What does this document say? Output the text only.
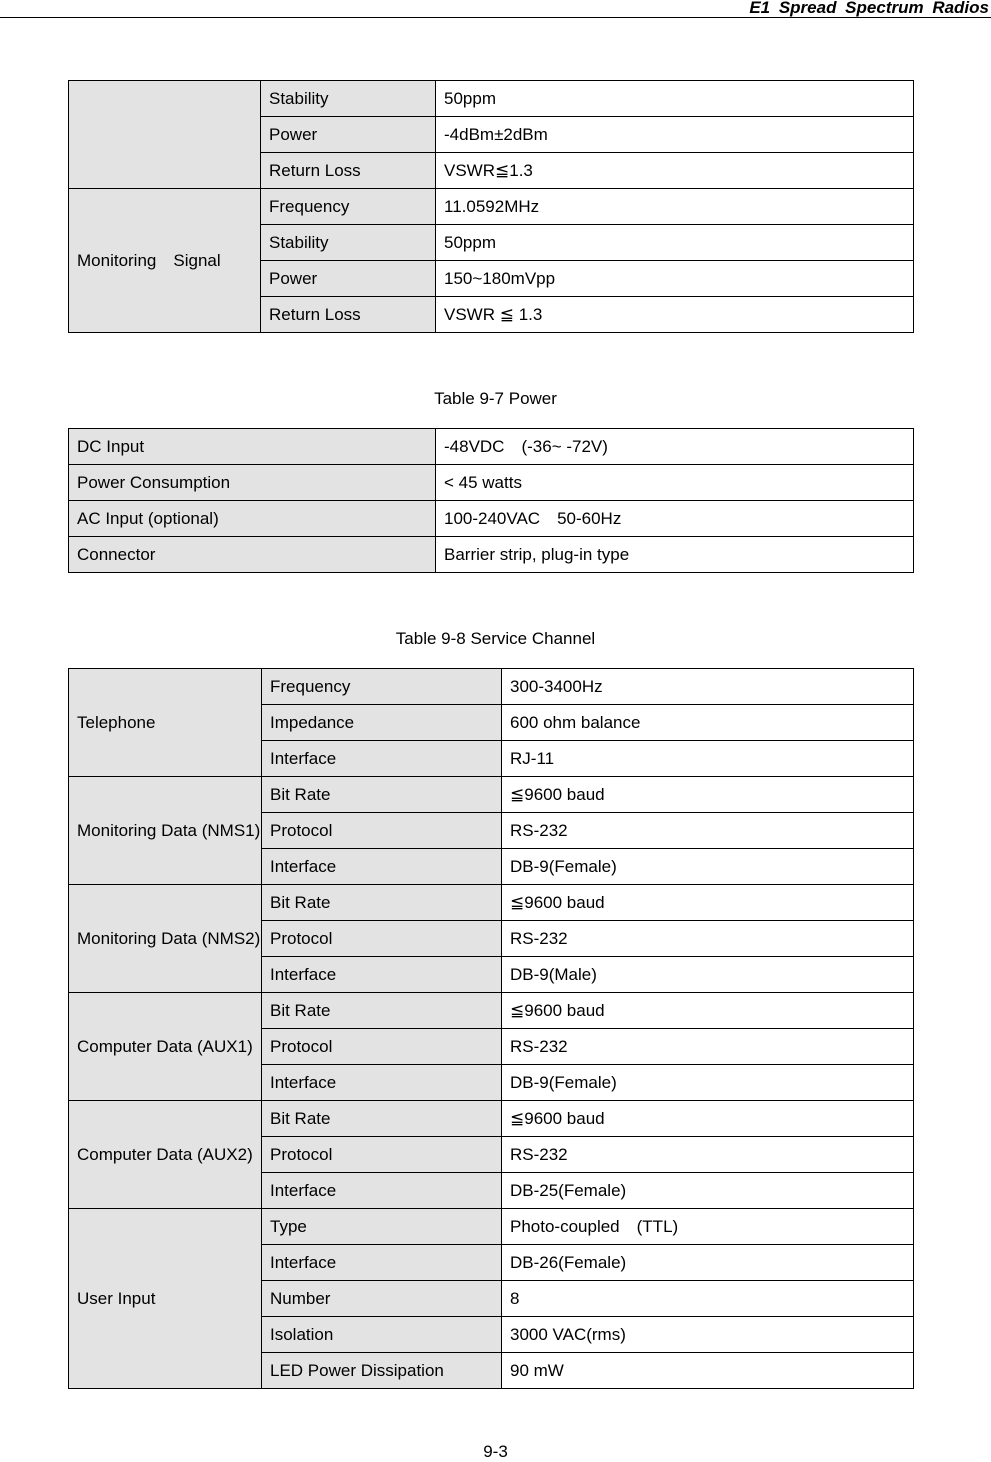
E1 Spread Spectrum Radios
	Stability	50ppm
	Power	-4dBm±2dBm
	Return Loss	VSWR≦1.3
Monitoring　Signal	Frequency	11.0592MHz
	Stability	50ppm
	Power	150~180mVpp
	Return Loss	VSWR ≦ 1.3
Table 9-7 Power
DC Input	-48VDC　(-36~ -72V)
Power Consumption	< 45 watts
AC Input (optional)	100-240VAC　50-60Hz
Connector	Barrier strip, plug-in type
Table 9-8 Service Channel
Telephone	Frequency	300-3400Hz
	Impedance	600 ohm balance
	Interface	RJ-11
Monitoring Data (NMS1)	Bit Rate	≦9600 baud
	Protocol	RS-232
	Interface	DB-9(Female)
Monitoring Data (NMS2)	Bit Rate	≦9600 baud
	Protocol	RS-232
	Interface	DB-9(Male)
Computer Data (AUX1)	Bit Rate	≦9600 baud
	Protocol	RS-232
	Interface	DB-9(Female)
Computer Data (AUX2)	Bit Rate	≦9600 baud
	Protocol	RS-232
	Interface	DB-25(Female)
User Input	Type	Photo-coupled　(TTL)
	Interface	DB-26(Female)
	Number	8
	Isolation	3000 VAC(rms)
	LED Power Dissipation	90 mW
9-3
